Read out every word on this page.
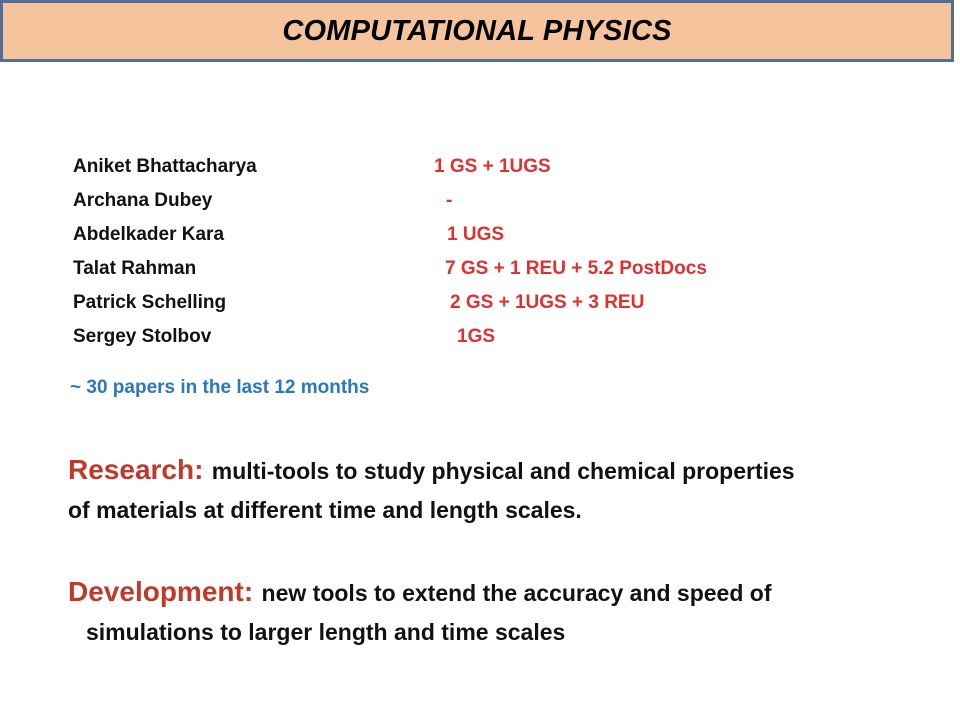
COMPUTATIONAL PHYSICS
Aniket Bhattacharya	1 GS + 1UGS
Archana Dubey	-
Abdelkader Kara	1 UGS
Talat Rahman	7 GS + 1 REU + 5.2 PostDocs
Patrick Schelling	2 GS + 1UGS + 3 REU
Sergey Stolbov	1GS
~ 30 papers in the last 12 months
Research: multi-tools to study physical and chemical properties
of materials at different time and length scales.
Development: new tools to extend the accuracy and speed of
simulations to larger length and time scales
